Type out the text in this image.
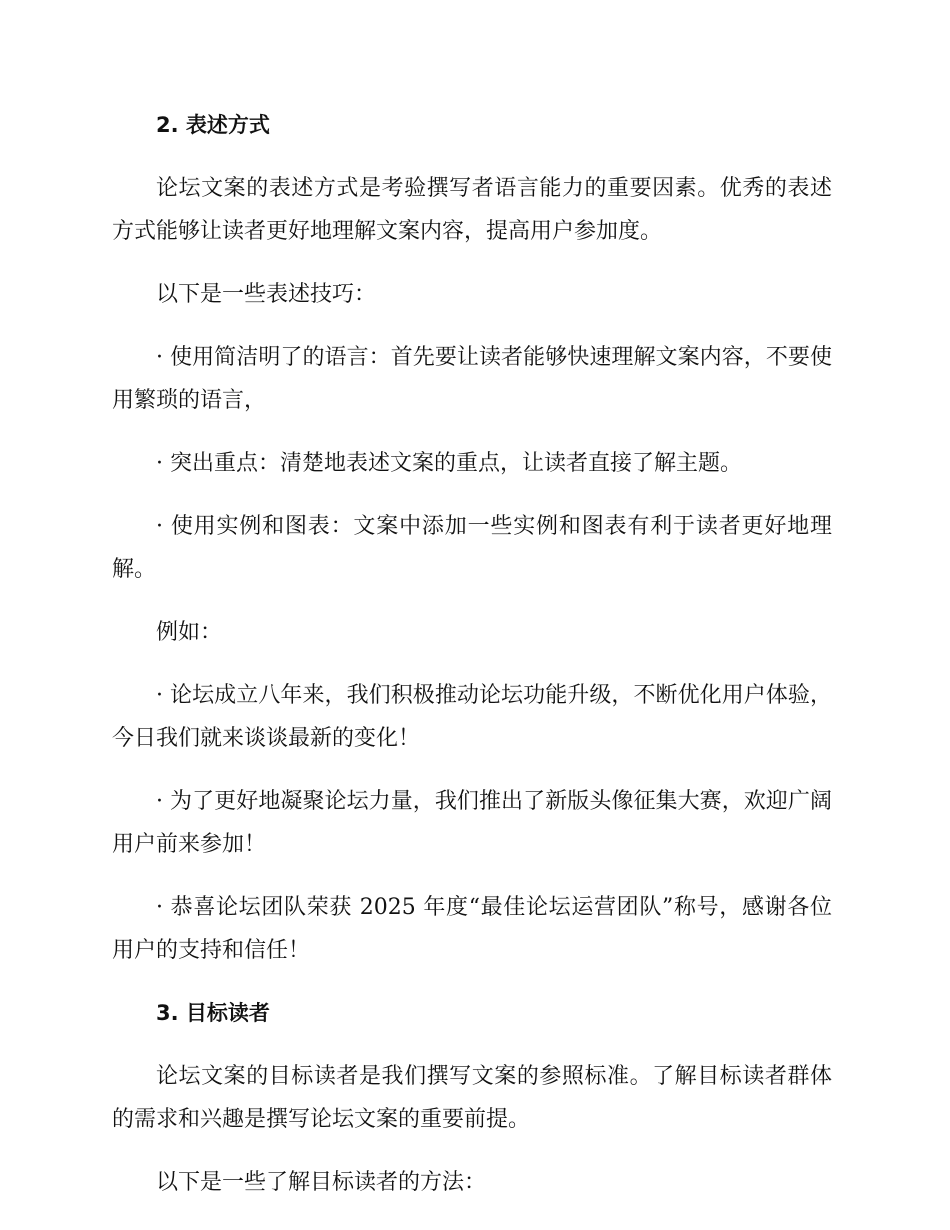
2. 表述方式

论坛文案的表述方式是考验撰写者语言能力的重要因素。优秀的表述方式能够让读者更好地理解文案内容，提高用户参加度。

以下是一些表述技巧：

· 使用简洁明了的语言：首先要让读者能够快速理解文案内容，不要使用繁琐的语言，

· 突出重点：清楚地表述文案的重点，让读者直接了解主题。

· 使用实例和图表：文案中添加一些实例和图表有利于读者更好地理解。

例如：

· 论坛成立八年来，我们积极推动论坛功能升级，不断优化用户体验，今日我们就来谈谈最新的变化！

· 为了更好地凝聚论坛力量，我们推出了新版头像征集大赛，欢迎广阔用户前来参加！

· 恭喜论坛团队荣获 2025 年度“最佳论坛运营团队”称号，感谢各位用户的支持和信任！

3. 目标读者

论坛文案的目标读者是我们撰写文案的参照标准。了解目标读者群体的需求和兴趣是撰写论坛文案的重要前提。

以下是一些了解目标读者的方法：
